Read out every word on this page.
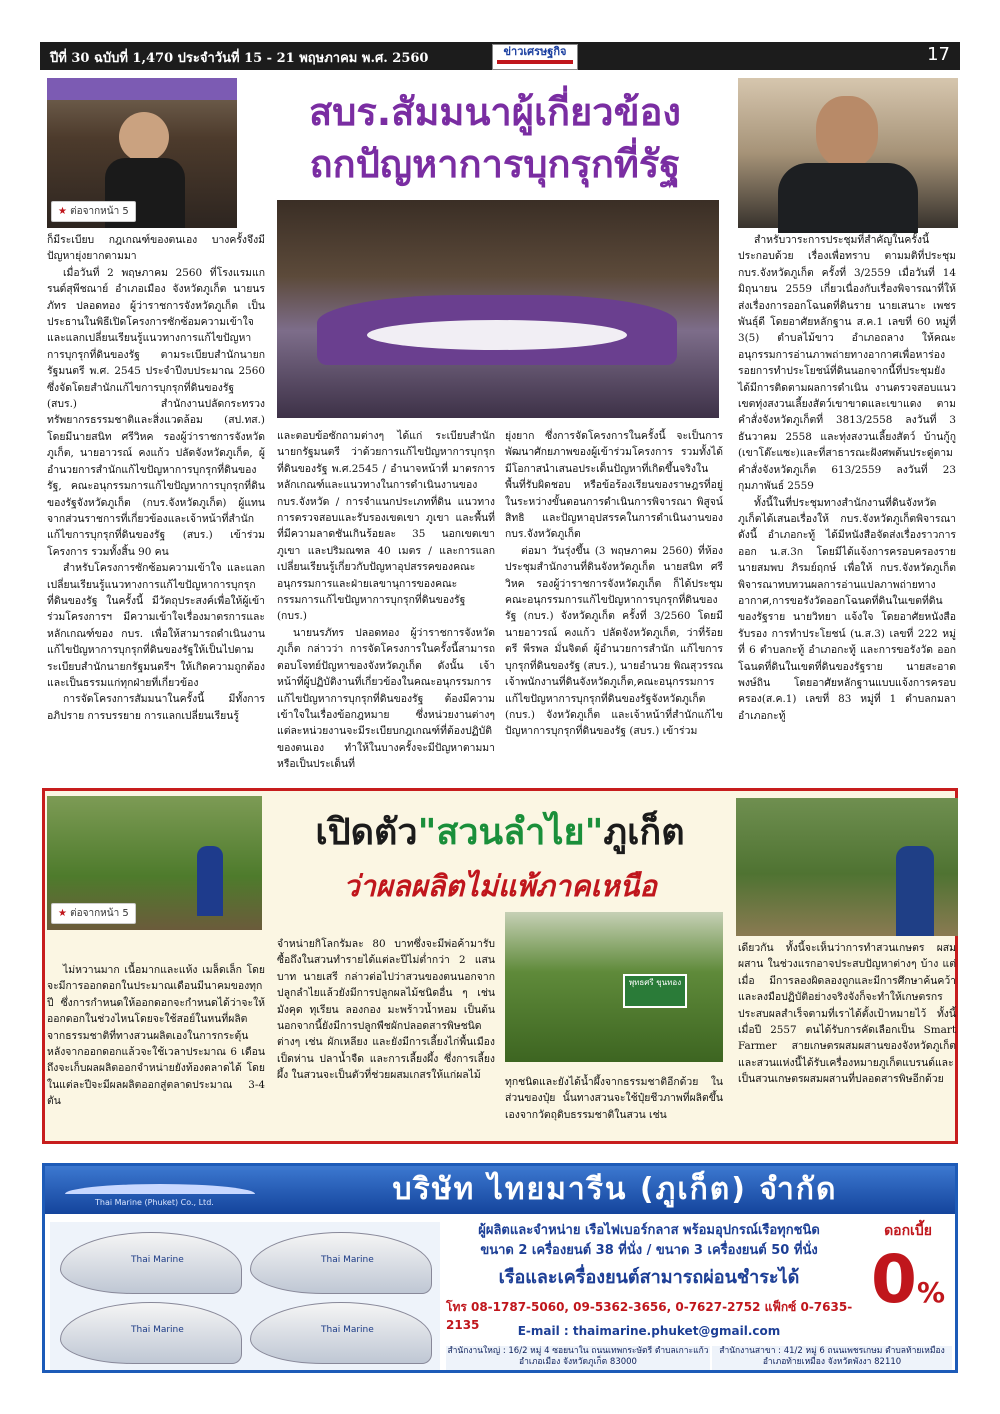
ปีที่ 30 ฉบับที่ 1,470 ประจำวันที่ 15 - 21 พฤษภาคม พ.ศ. 2560	ข่าวเศรษฐกิจ	17
★ ต่อจากหน้า 5
สบร.สัมมนาผู้เกี่ยวข้อง
ถกปัญหาการบุกรุกที่รัฐ

ก็มีระเบียบ กฎเกณฑ์ของตนเอง บางครั้งจึงมีปัญหายุ่งยากตามมา

เมื่อวันที่ 2 พฤษภาคม 2560 ที่โรงแรมแกรนด์สุพีชณาย์ อำเภอเมือง จังหวัดภูเก็ต นายนรภัทร ปลอดทอง ผู้ว่าราชการจังหวัดภูเก็ต เป็นประธานในพิธีเปิดโครงการซักซ้อมความเข้าใจ และแลกเปลี่ยนเรียนรู้แนวทางการแก้ไขปัญหาการบุกรุกที่ดินของรัฐ ตามระเบียบสำนักนายกรัฐมนตรี พ.ศ. 2545 ประจำปีงบประมาณ 2560 ซึ่งจัดโดยสำนักแก้ไขการบุกรุกที่ดินของรัฐ (สบร.) สำนักงานปลัดกระทรวงทรัพยากรธรรมชาติและสิ่งแวดล้อม (สป.ทส.) โดยมีนายสนิท ศรีวิหค รองผู้ว่าราชการจังหวัดภูเก็ต, นายอาวรณ์ คงแก้ว ปลัดจังหวัดภูเก็ต, ผู้อำนวยการสำนักแก้ไขปัญหาการบุกรุกที่ดินของรัฐ, คณะอนุกรรมการแก้ไขปัญหาการบุกรุกที่ดินของรัฐจังหวัดภูเก็ต (กบร.จังหวัดภูเก็ต) ผู้แทนจากส่วนราชการที่เกี่ยวข้องและเจ้าหน้าที่สำนักแก้ไขการบุกรุกที่ดินของรัฐ (สบร.) เข้าร่วมโครงการ รวมทั้งสิ้น 90 คน

สำหรับโครงการซักซ้อมความเข้าใจ และแลกเปลี่ยนเรียนรู้แนวทางการแก้ไขปัญหาการบุกรุกที่ดินของรัฐ ในครั้งนี้ มีวัตถุประสงค์เพื่อให้ผู้เข้าร่วมโครงการฯ มีความเข้าใจเรื่องมาตรการและหลักเกณฑ์ของ กบร. เพื่อให้สามารถดำเนินงานแก้ไขปัญหาการบุกรุกที่ดินของรัฐให้เป็นไปตามระเบียบสำนักนายกรัฐมนตรีฯ ให้เกิดความถูกต้องและเป็นธรรมแก่ทุกฝ่ายที่เกี่ยวข้อง

การจัดโครงการสัมมนาในครั้งนี้ มีทั้งการอภิปราย การบรรยาย การแลกเปลี่ยนเรียนรู้

และตอบข้อซักถามต่างๆ ได้แก่ ระเบียบสำนักนายกรัฐมนตรี ว่าด้วยการแก้ไขปัญหาการบุกรุกที่ดินของรัฐ พ.ศ.2545 / อำนาจหน้าที่ มาตรการหลักเกณฑ์และแนวทางในการดำเนินงานของ กบร.จังหวัด / การจำแนกประเภทที่ดิน แนวทางการตรวจสอบและรับรองเขตเขา ภูเขา และพื้นที่ที่มีความลาดชันเกินร้อยละ 35 นอกเขตเขา ภูเขา และปริมณฑล 40 เมตร / และการแลกเปลี่ยนเรียนรู้เกี่ยวกับปัญหาอุปสรรคของคณะอนุกรรมการและฝ่ายเลขานุการของคณะกรรมการแก้ไขปัญหาการบุกรุกที่ดินของรัฐ (กบร.)

นายนรภัทร ปลอดทอง ผู้ว่าราชการจังหวัดภูเก็ต กล่าวว่า การจัดโครงการในครั้งนี้สามารถตอบโจทย์ปัญหาของจังหวัดภูเก็ต ดังนั้น เจ้าหน้าที่ผู้ปฏิบัติงานที่เกี่ยวข้องในคณะอนุกรรมการแก้ไขปัญหาการบุกรุกที่ดินของรัฐ ต้องมีความเข้าใจในเรื่องข้อกฎหมาย ซึ่งหน่วยงานต่างๆ แต่ละหน่วยงานจะมีระเบียบกฎเกณฑ์ที่ต้องปฏิบัติของตนเอง ทำให้ในบางครั้งจะมีปัญหาตามมา หรือเป็นประเด็นที่

ยุ่งยาก ซึ่งการจัดโครงการในครั้งนี้ จะเป็นการพัฒนาศักยภาพของผู้เข้าร่วมโครงการ รวมทั้งได้มีโอกาสนำเสนอประเด็นปัญหาที่เกิดขึ้นจริงในพื้นที่รับผิดชอบ หรือข้อร้องเรียนของราษฎรที่อยู่ในระหว่างขั้นตอนการดำเนินการพิจารณา พิสูจน์สิทธิ และปัญหาอุปสรรคในการดำเนินงานของ กบร.จังหวัดภูเก็ต

ต่อมา วันรุ่งขึ้น (3 พฤษภาคม 2560) ที่ห้องประชุมสำนักงานที่ดินจังหวัดภูเก็ต นายสนิท ศรีวิหค รองผู้ว่าราชการจังหวัดภูเก็ต ก็ได้ประชุมคณะอนุกรรมการแก้ไขปัญหาการบุกรุกที่ดินของรัฐ (กบร.) จังหวัดภูเก็ต ครั้งที่ 3/2560 โดยมี นายอาวรณ์ คงแก้ว ปลัดจังหวัดภูเก็ต, ว่าที่ร้อยตรี พีรพล มั่นจิตต์ ผู้อำนวยการสำนัก แก้ไขการบุกรุกที่ดินของรัฐ (สบร.), นายอำนวย พิณสุวรรณ เจ้าพนักงานที่ดินจังหวัดภูเก็ต,คณะอนุกรรมการแก้ไขปัญหาการบุกรุกที่ดินของรัฐจังหวัดภูเก็ต (กบร.) จังหวัดภูเก็ต และเจ้าหน้าที่สำนักแก้ไขปัญหาการบุกรุกที่ดินของรัฐ (สบร.) เข้าร่วม

สำหรับวาระการประชุมที่สำคัญในครั้งนี้ ประกอบด้วย เรื่องเพื่อทราบ ตามมติที่ประชุม กบร.จังหวัดภูเก็ต ครั้งที่ 3/2559 เมื่อวันที่ 14 มิถุนายน 2559 เกี่ยวเนื่องกับเรื่องพิจารณาที่ให้ส่งเรื่องการออกโฉนดที่ดินราย นายเสนาะ เพชรพันธุ์ดี โดยอาศัยหลักฐาน ส.ค.1 เลขที่ 60 หมู่ที่ 3(5) ตำบลไม้ขาว อำเภอถลาง ให้คณะอนุกรรมการอ่านภาพถ่ายทางอากาศเพื่อหาร่องรอยการทำประโยชน์ที่ดินนอกจากนี้ที่ประชุมยังได้มีการติดตามผลการดำเนิน งานตรวจสอบแนวเขตทุ่งสงวนเลี้ยงสัตว์เขาขาดและเขาแดง ตามคำสั่งจังหวัดภูเก็ตที่ 3813/2558 ลงวันที่ 3 ธันวาคม 2558 และทุ่งสงวนเลี้ยงสัตว์ บ้านกู้กู (เขาโต๊ะแซะ)และที่สาธารณะฝังศพต้นประดู่ตามคำสั่งจังหวัดภูเก็ต 613/2559 ลงวันที่ 23 กุมภาพันธ์ 2559

ทั้งนี้ในที่ประชุมทางสำนักงานที่ดินจังหวัดภูเก็ตได้เสนอเรื่องให้ กบร.จังหวัดภูเก็ตพิจารณา ดังนี้ อำเภอกะทู้ ได้มีหนังสือจัดส่งเรื่องราวการออก น.ส.3ก โดยมีได้แจ้งการครอบครองราย นายสมพบ ภิรมย์ฤกษ์ เพื่อให้ กบร.จังหวัดภูเก็ตพิจารณาทบทวนผลการอ่านแปลภาพถ่ายทางอากาศ,การขอรังวัดออกโฉนดที่ดินในเขตที่ดินของรัฐราย นายวิทยา แจ้งใจ โดยอาศัยหนังสือรับรอง การทำประโยชน์ (น.ส.3) เลขที่ 222 หมู่ที่ 6 ตำบลกะทู้ อำเภอกะทู้ และการขอรังวัด ออกโฉนดที่ดินในเขตที่ดินของรัฐราย นายสะอาด พงษ์ถิน โดยอาศัยหลักฐานแบบแจ้งการครอบครอง(ส.ค.1) เลขที่ 83 หมู่ที่ 1 ตำบลกมลา อำเภอกะทู้

★ ต่อจากหน้า 5
เปิดตัว"สวนลำไย"ภูเก็ต
ว่าผลผลิตไม่แพ้ภาคเหนือ
พุทธศรี ขุนทอง

ไม่หวานมาก เนื้อมากและแห้ง เมล็ดเล็ก โดยจะมีการออกดอกในประมาณเดือนมีนาคมของทุกปี ซึ่งการกำหนดให้ออกดอกจะกำหนดได้ว่าจะให้ออกดอกในช่วงไหนโดยจะใช้สอย์ในหนที่ผลิตจากธรรมชาติที่ทางสวนผลิตเองในการกระตุ้นหลังจากออกดอกแล้วจะใช้เวลาประมาณ 6 เดือนถึงจะเก็บผลผลิตออกจำหน่ายยังท้องตลาดได้ โดยในแต่ละปีจะมีผลผลิตออกสู่ตลาดประมาณ 3-4 ตัน

จำหน่ายกิโลกรัมละ 80 บาทซึ่งจะมีพ่อค้ามารับซื้อถึงในสวนทำรายได้แต่ละปีไม่ต่ำกว่า 2 แสนบาท นายเสรี กล่าวต่อไปว่าสวนของตนนอกจาก ปลูกลำไยแล้วยังมีการปลูกผลไม้ชนิดอื่น ๆ เช่น มังคุด ทุเรียน ลองกอง มะพร้าวน้ำหอม เป็นต้นนอกจากนี้ยังมีการปลูกพืชผักปลอดสารพิษชนิดต่างๆ เช่น ผักเหลียง และยังมีการเลี้ยงไก่พื้นเมือง เป็ดห่าน ปลาน้ำจืด และการเลี้ยงผึ้ง ซึ่งการเลี้ยงผึ้ง ในสวนจะเป็นตัวที่ช่วยผสมเกสรให้แก่ผลไม้

ทุกชนิดและยังได้น้ำผึ้งจากธรรมชาติอีกด้วย ในส่วนของปุ๋ย นั้นทางสวนจะใช้ปุ๋ยชีวภาพที่ผลิตขึ้นเองจากวัตถุดิบธรรมชาติในสวน เช่น

เดียวกัน ทั้งนี้จะเห็นว่าการทำสวนเกษตร ผสมผสาน ในช่วงแรกอาจประสบปัญหาต่างๆ บ้าง แต่เมื่อ มีการลองผิดลองถูกและมีการศึกษาค้นคว้า และลงมือปฏิบัติอย่างจริงจังก็จะทำให้เกษตรกรประสบผลสำเร็จตามที่เราได้ตั้งเป้าหมายไว้ ทั้งนี้เมื่อปี 2557 ตนได้รับการคัดเลือกเป็น Smart Farmer สายเกษตรผสมผสานของจังหวัดภูเก็ต และสวนแห่งนี้ได้รับเครื่องหมายภูเก็ตแบรนด์และเป็นสวนเกษตรผสมผสานที่ปลอดสารพิษอีกด้วย

Thai Marine (Phuket) Co., Ltd.	บริษัท ไทยมารีน (ภูเก็ต) จำกัด
Thai Marine	Thai Marine
Thai Marine	Thai Marine
ผู้ผลิตและจำหน่าย เรือไฟเบอร์กลาส พร้อมอุปกรณ์เรือทุกชนิด
ขนาด 2 เครื่องยนต์ 38 ที่นั่ง / ขนาด 3 เครื่องยนต์ 50 ที่นั่ง
เรือและเครื่องยนต์สามารถผ่อนชำระได้
โทร 08-1787-5060, 09-5362-3656, 0-7627-2752 แฟ็กซ์ 0-7635-2135	E-mail : thaimarine.phuket@gmail.com
ดอกเบี้ย
0%
สำนักงานใหญ่ : 16/2 หมู่ 4 ซอยนาใน ถนนเทพกระษัตรี ตำบลเกาะแก้ว อำเภอเมือง จังหวัดภูเก็ต 83000
สำนักงานสาขา : 41/2 หมู่ 6 ถนนเพชรเกษม ตำบลท้ายเหมือง อำเภอท้ายเหมือง จังหวัดพังงา 82110
